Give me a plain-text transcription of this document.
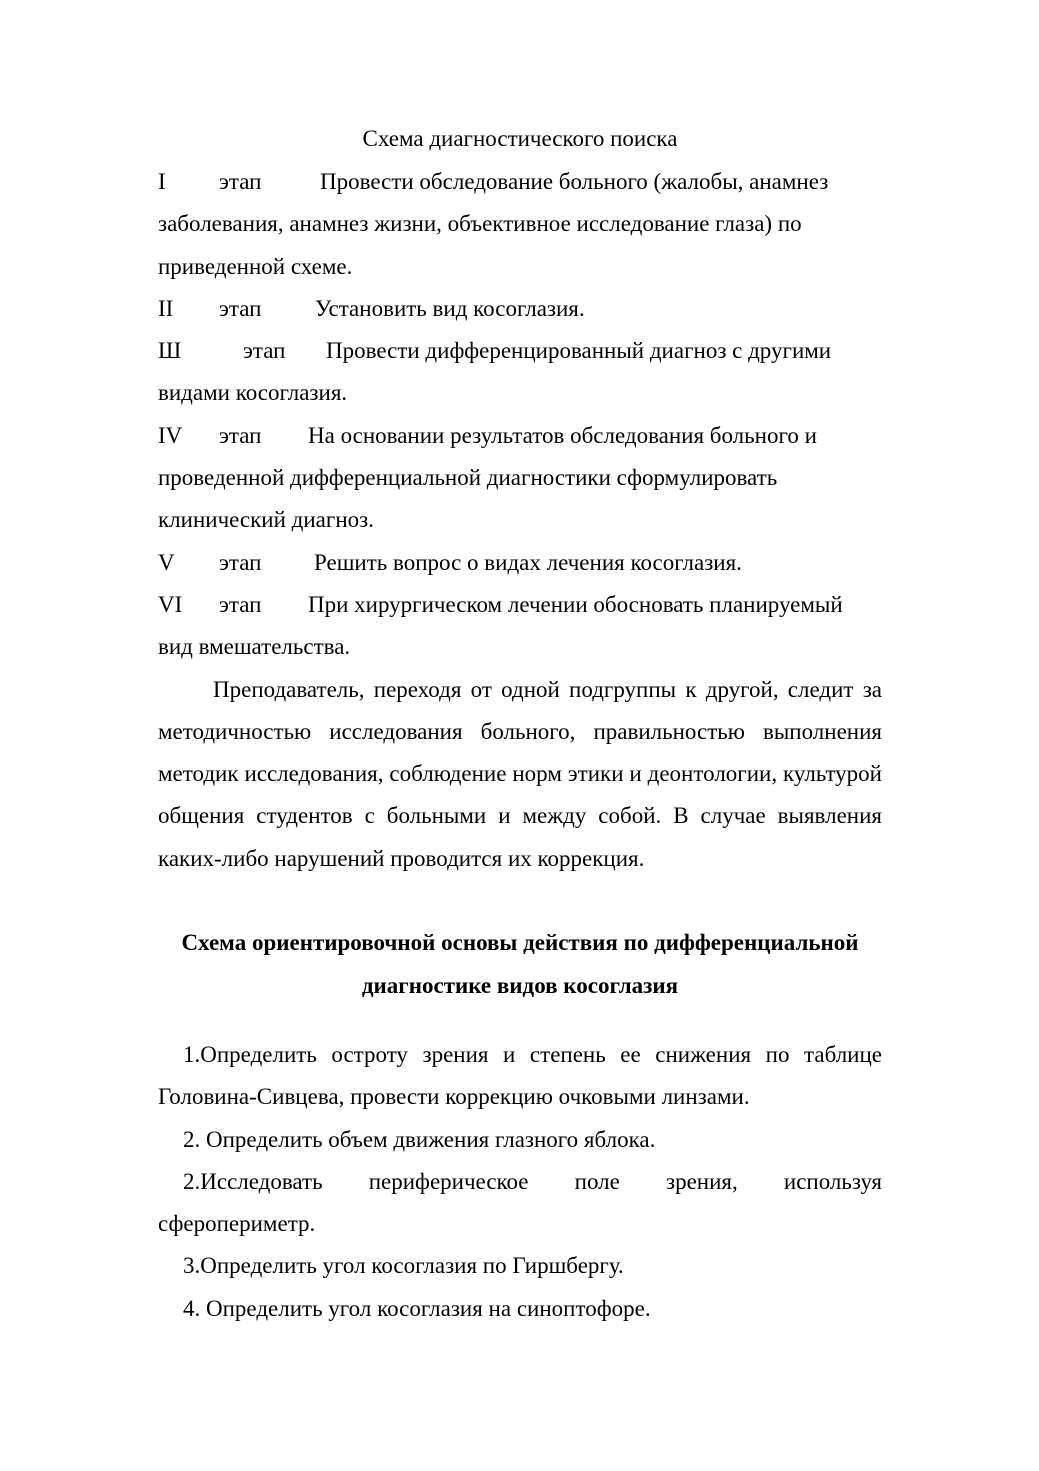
Схема диагностического поиска
I этап	Провести обследование больного (жалобы, анамнез
заболевания, анамнез жизни, объективное исследование глаза) по
приведенной схеме.
II этап Установить вид косоглазия.
Ш	этап Провести дифференцированный диагноз с другими
видами косоглазия.
IV этап На основании результатов обследования больного и
проведенной дифференциальной диагностики сформулировать
клинический диагноз.
V этап Решить вопрос о видах лечения косоглазия.
VI этап При хирургическом лечении обосновать планируемый
вид вмешательства.

Преподаватель, переходя от одной подгруппы к другой, следит за методичностью исследования больного, правильностью выполнения методик исследования, соблюдение норм этики и деонтологии, культурой общения студентов с больными и между собой. В случае выявления каких-либо нарушений проводится их коррекция.

Схема ориентировочной основы действия по дифференциальной
диагностике видов косоглазия

1.Определить остроту зрения и степень ее снижения по таблице Головина-Сивцева, провести коррекцию очковыми линзами.

2. Определить объем движения глазного яблока.

2.Исследовать периферическое поле зрения, используя сфероперимeтр.

3.Определить угол косоглазия по Гиршбергу.

4. Определить угол косоглазия на синоптофоре.
